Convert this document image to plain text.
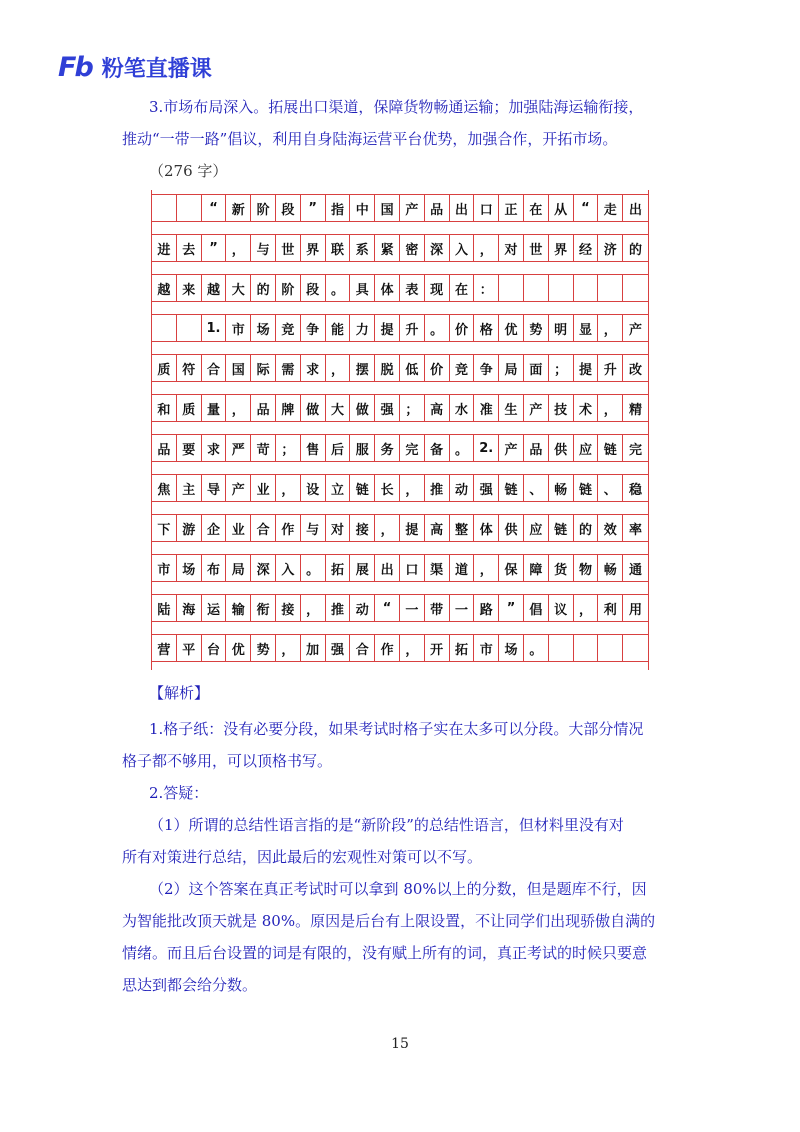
Fb 粉笔直播课
3.市场布局深入。拓展出口渠道，保障货物畅通运输；加强陆海运输衔接，
推动“一带一路”倡议，利用自身陆海运营平台优势，加强合作，开拓市场。
（276 字）
“	新 阶 段	”	指 中 国 产 品 出 口 正 在 从	“	走 出
进 去	”	， 与 世 界 联 系 紧 密 深 入 ， 对 世 界 经 济 的
越 来 越 大 的 阶 段 。 具 体 表 现 在 ：
1. 市 场 竞 争 能 力 提 升 。 价 格 优 势 明 显 ， 产
质 符 合 国 际 需 求 ， 摆 脱 低 价 竞 争 局 面 ； 提 升 改
和 质 量 ， 品 牌 做 大 做 强 ； 高 水 准 生 产 技 术 ， 精
品 要 求 严 苛 ； 售 后 服 务 完 备 。 2. 产 品 供 应 链 完
焦 主 导 产 业 ， 设 立 链 长 ， 推 动 强 链 、 畅 链 、 稳
下 游 企 业 合 作 与 对 接 ， 提 高 整 体 供 应 链 的 效 率
市 场 布 局 深 入 。 拓 展 出 口 渠 道 ， 保 障 货 物 畅 通
陆 海 运 输 衔 接 ， 推 动	“	一 带 一 路	”	倡 议 ， 利 用
营 平 台 优 势 ， 加 强 合 作 ， 开 拓 市 场 。
【解析】
1.格子纸：没有必要分段，如果考试时格子实在太多可以分段。大部分情况
格子都不够用，可以顶格书写。
2.答疑：
（1）所谓的总结性语言指的是“新阶段”的总结性语言，但材料里没有对
所有对策进行总结，因此最后的宏观性对策可以不写。
（2）这个答案在真正考试时可以拿到 80%以上的分数，但是题库不行，因
为智能批改顶天就是 80%。原因是后台有上限设置，不让同学们出现骄傲自满的
情绪。而且后台设置的词是有限的，没有赋上所有的词，真正考试的时候只要意
思达到都会给分数。
15
